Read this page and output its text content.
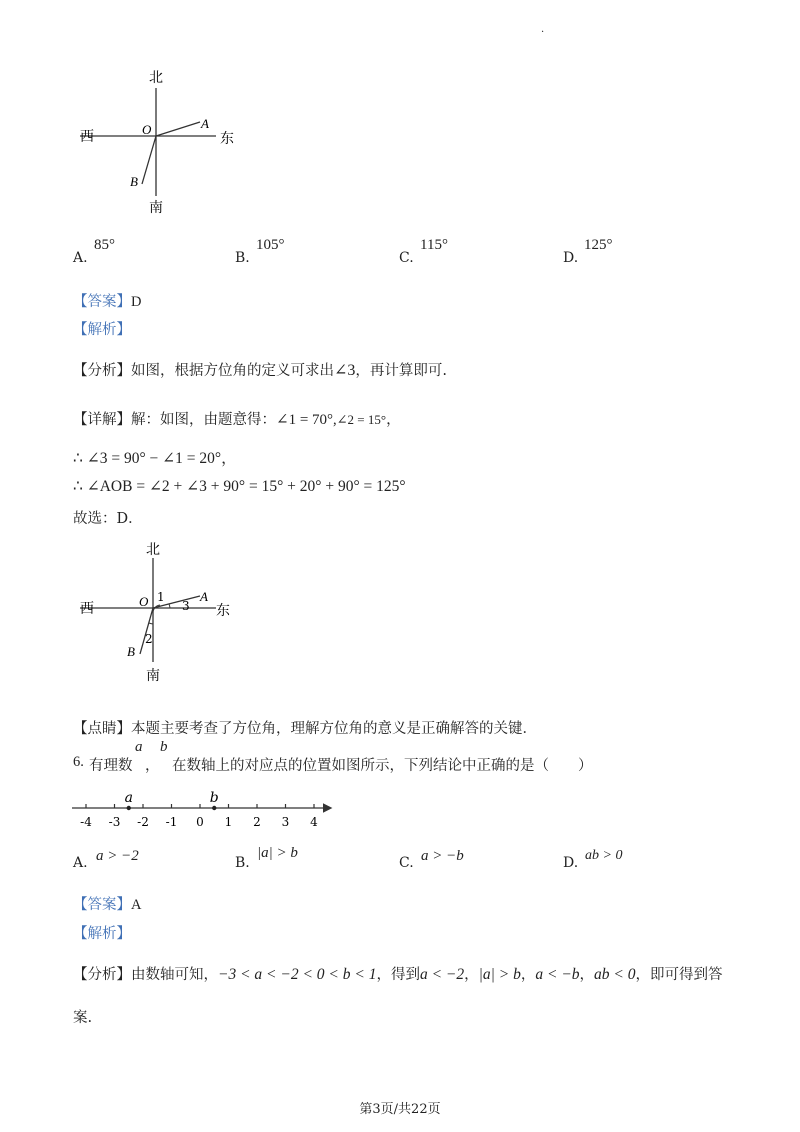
.
北
南
西	东
O	A
B
A.
85°
B.
105°
C.
115°
D.
125°
【答案】D
【解析】
【分析】如图，根据方位角的定义可求出∠3，再计算即可.
【详解】解：如图，由题意得：∠1 = 70°,∠2 = 15°，
∴ ∠3 = 90° − ∠1 = 20°，
∴ ∠AOB = ∠2 + ∠3 + 90° = 15° + 20° + 90° = 125°
故选：D．
北
南
西	东
O	A
B
1
3
2
【点睛】本题主要考查了方位角，理解方位角的意义是正确解答的关键．
6. 有理数
a
，
b
在数轴上的对应点的位置如图所示，下列结论中正确的是（　　）
-4 -3 -2 -1 0 1 2 3 4
a	b
A. a > −2	B.
|a| > b
C. a > −b	D. ab > 0
【答案】A
【解析】
【分析】由数轴可知，−3 < a < −2 < 0 < b < 1，得到a < −2，|a| > b，a < −b，ab < 0，即可得到答
案.
第3页/共22页
